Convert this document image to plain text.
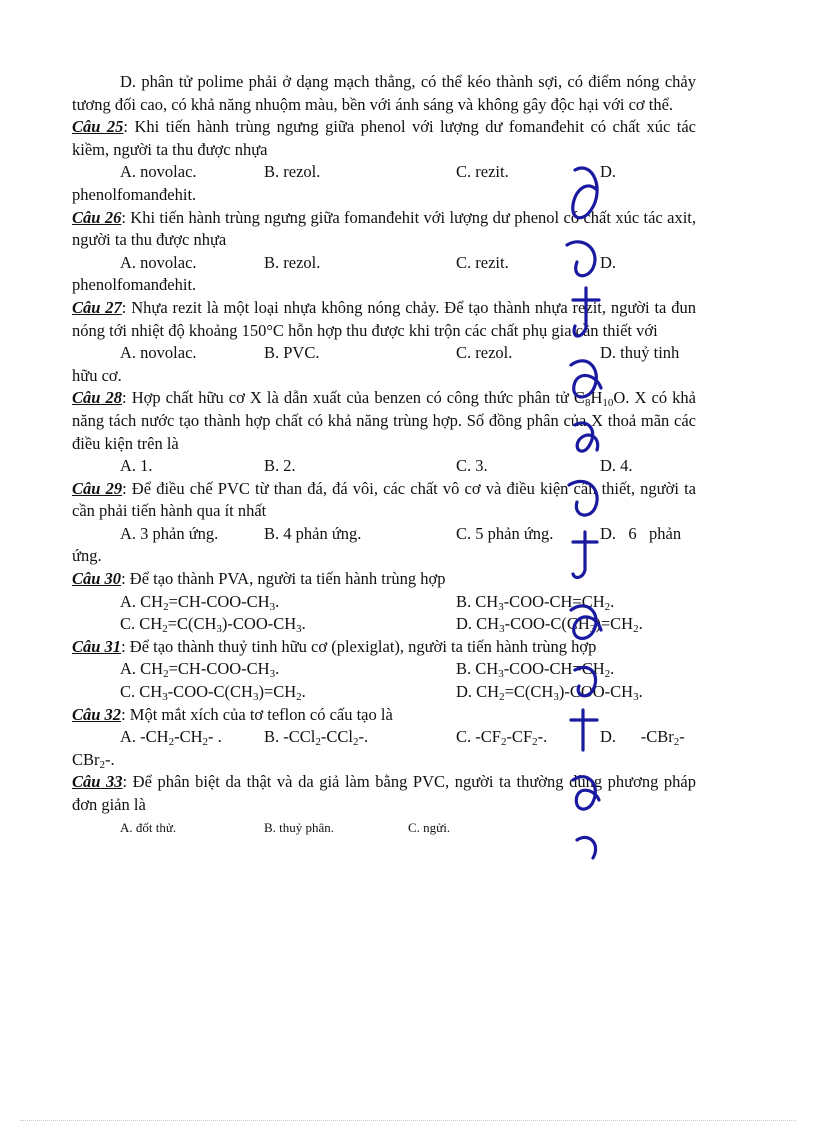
D. phân tử polime phải ở dạng mạch thẳng, có thể kéo thành sợi, có điểm nóng chảy tương đối cao, có khả năng nhuộm màu, bền với ánh sáng và không gây độc hại với cơ thể.

Câu 25: Khi tiến hành trùng ngưng giữa phenol với lượng dư fomanđehit có chất xúc tác kiềm, người ta thu được nhựa

A. novolac.	B. rezol.	C. rezit.	D.

phenolfomanđehit.

Câu 26: Khi tiến hành trùng ngưng giữa fomanđehit với lượng dư phenol có chất xúc tác axit, người ta thu được nhựa

A. novolac.	B. rezol.	C. rezit.	D.

phenolfomanđehit.

Câu 27: Nhựa rezit là một loại nhựa không nóng chảy. Để tạo thành nhựa rezit, người ta đun nóng tới nhiệt độ khoảng 150°C hỗn hợp thu được khi trộn các chất phụ gia cần thiết với

A. novolac.	B. PVC.	C. rezol.	D. thuỷ tinh

hữu cơ.

Câu 28: Hợp chất hữu cơ X là dẫn xuất của benzen có công thức phân tử $C_8H_{10}O$. X có khả năng tách nước tạo thành hợp chất có khả năng trùng hợp. Số đồng phân của X thoả mãn các điều kiện trên là

A. 1.	B. 2.	C. 3.	D. 4.

Câu 29: Để điều chế PVC từ than đá, đá vôi, các chất vô cơ và điều kiện cần thiết, người ta cần phải tiến hành qua ít nhất

A. 3 phản ứng.	B. 4 phản ứng.	C. 5 phản ứng.	D.   6   phản

ứng.

Câu 30: Để tạo thành PVA, người ta tiến hành trùng hợp

A. $CH_2=CH-COO-CH_3$.	B. $CH_3-COO-CH=CH_2$.
C. $CH_2=C(CH_3)-COO-CH_3$.	D. $CH_3-COO-C(CH_3)=CH_2$.

Câu 31: Để tạo thành thuỷ tinh hữu cơ (plexiglat), người ta tiến hành trùng hợp

A. $CH_2=CH-COO-CH_3$.	B. $CH_3-COO-CH=CH_2$.
C. $CH_3-COO-C(CH_3)=CH_2$.	D. $CH_2=C(CH_3)-COO-CH_3$.

Câu 32: Một mắt xích của tơ teflon có cấu tạo là

A. $-CH_2-CH_2-$ .	B. -CCl$_2$-CCl$_2$-.	C. $-CF_2-CF_2-$.	D.      -CBr$_2$-

CBr$_2$-.

Câu 33: Để phân biệt da thật và da giả làm bằng PVC, người ta thường dùng phương pháp đơn giản là

A. đốt thử.	B. thuỷ phân.	C. ngửi.
